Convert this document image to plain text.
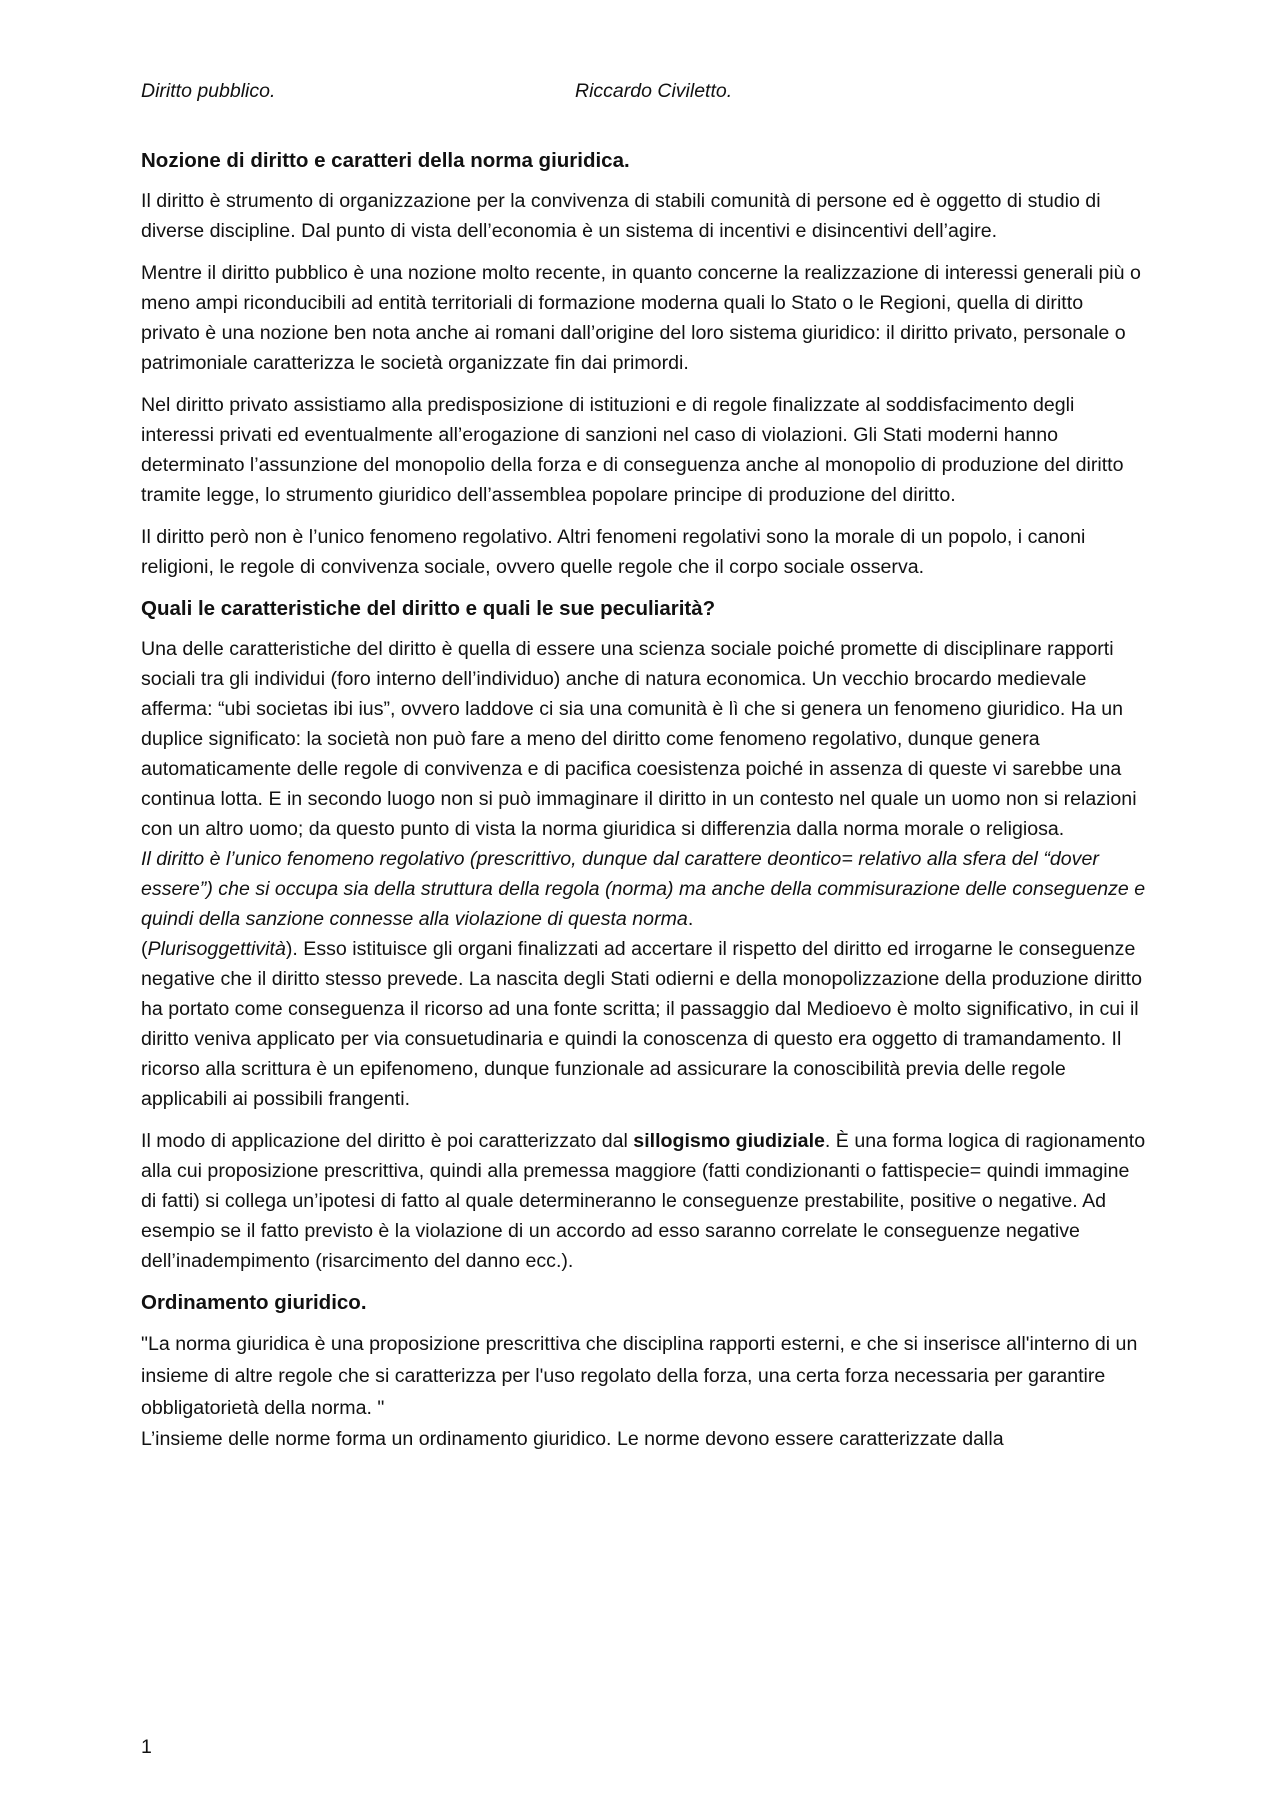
Diritto pubblico.	Riccardo Civiletto.
Nozione di diritto e caratteri della norma giuridica.

Il diritto è strumento di organizzazione per la convivenza di stabili comunità di persone ed è oggetto di studio di diverse discipline. Dal punto di vista dell’economia è un sistema di incentivi e disincentivi dell’agire.

Mentre il diritto pubblico è una nozione molto recente, in quanto concerne la realizzazione di interessi generali più o meno ampi riconducibili ad entità territoriali di formazione moderna quali lo Stato o le Regioni, quella di diritto privato è una nozione ben nota anche ai romani dall’origine del loro sistema giuridico: il diritto privato, personale o patrimoniale caratterizza le società organizzate fin dai primordi.

Nel diritto privato assistiamo alla predisposizione di istituzioni e di regole finalizzate al soddisfacimento degli interessi privati ed eventualmente all’erogazione di sanzioni nel caso di violazioni. Gli Stati moderni hanno determinato l’assunzione del monopolio della forza e di conseguenza anche al monopolio di produzione del diritto tramite legge, lo strumento giuridico dell’assemblea popolare principe di produzione del diritto.

Il diritto però non è l’unico fenomeno regolativo. Altri fenomeni regolativi sono la morale di un popolo, i canoni religioni, le regole di convivenza sociale, ovvero quelle regole che il corpo sociale osserva.

Quali le caratteristiche del diritto e quali le sue peculiarità?

Una delle caratteristiche del diritto è quella di essere una scienza sociale poiché promette di disciplinare rapporti sociali tra gli individui (foro interno dell’individuo) anche di natura economica. Un vecchio brocardo medievale afferma: “ubi societas ibi ius”, ovvero laddove ci sia una comunità è lì che si genera un fenomeno giuridico. Ha un duplice significato: la società non può fare a meno del diritto come fenomeno regolativo, dunque genera automaticamente delle regole di convivenza e di pacifica coesistenza poiché in assenza di queste vi sarebbe una continua lotta. E in secondo luogo non si può immaginare il diritto in un contesto nel quale un uomo non si relazioni con un altro uomo; da questo punto di vista la norma giuridica si differenzia dalla norma morale o religiosa.

Il diritto è l’unico fenomeno regolativo (prescrittivo, dunque dal carattere deontico= relativo alla sfera del “dover essere”) che si occupa sia della struttura della regola (norma) ma anche della commisurazione delle conseguenze e quindi della sanzione connesse alla violazione di questa norma.
(Plurisoggettività). Esso istituisce gli organi finalizzati ad accertare il rispetto del diritto ed irrogarne le conseguenze negative che il diritto stesso prevede. La nascita degli Stati odierni e della monopolizzazione della produzione diritto ha portato come conseguenza il ricorso ad una fonte scritta; il passaggio dal Medioevo è molto significativo, in cui il diritto veniva applicato per via consuetudinaria e quindi la conoscenza di questo era oggetto di tramandamento. Il ricorso alla scrittura è un epifenomeno, dunque funzionale ad assicurare la conoscibilità previa delle regole applicabili ai possibili frangenti.

Il modo di applicazione del diritto è poi caratterizzato dal sillogismo giudiziale. È una forma logica di ragionamento alla cui proposizione prescrittiva, quindi alla premessa maggiore (fatti condizionanti o fattispecie= quindi immagine di fatti) si collega un’ipotesi di fatto al quale determineranno le conseguenze prestabilite, positive o negative. Ad esempio se il fatto previsto è la violazione di un accordo ad esso saranno correlate le conseguenze negative dell’inadempimento (risarcimento del danno ecc.).

Ordinamento giuridico.

"La norma giuridica è una proposizione prescrittiva che disciplina rapporti esterni, e che si inserisce all'interno di un insieme di altre regole che si caratterizza per l'uso regolato della forza, una certa forza necessaria per garantire obbligatorietà della norma. "

L’insieme delle norme forma un ordinamento giuridico. Le norme devono essere caratterizzate dalla

1
